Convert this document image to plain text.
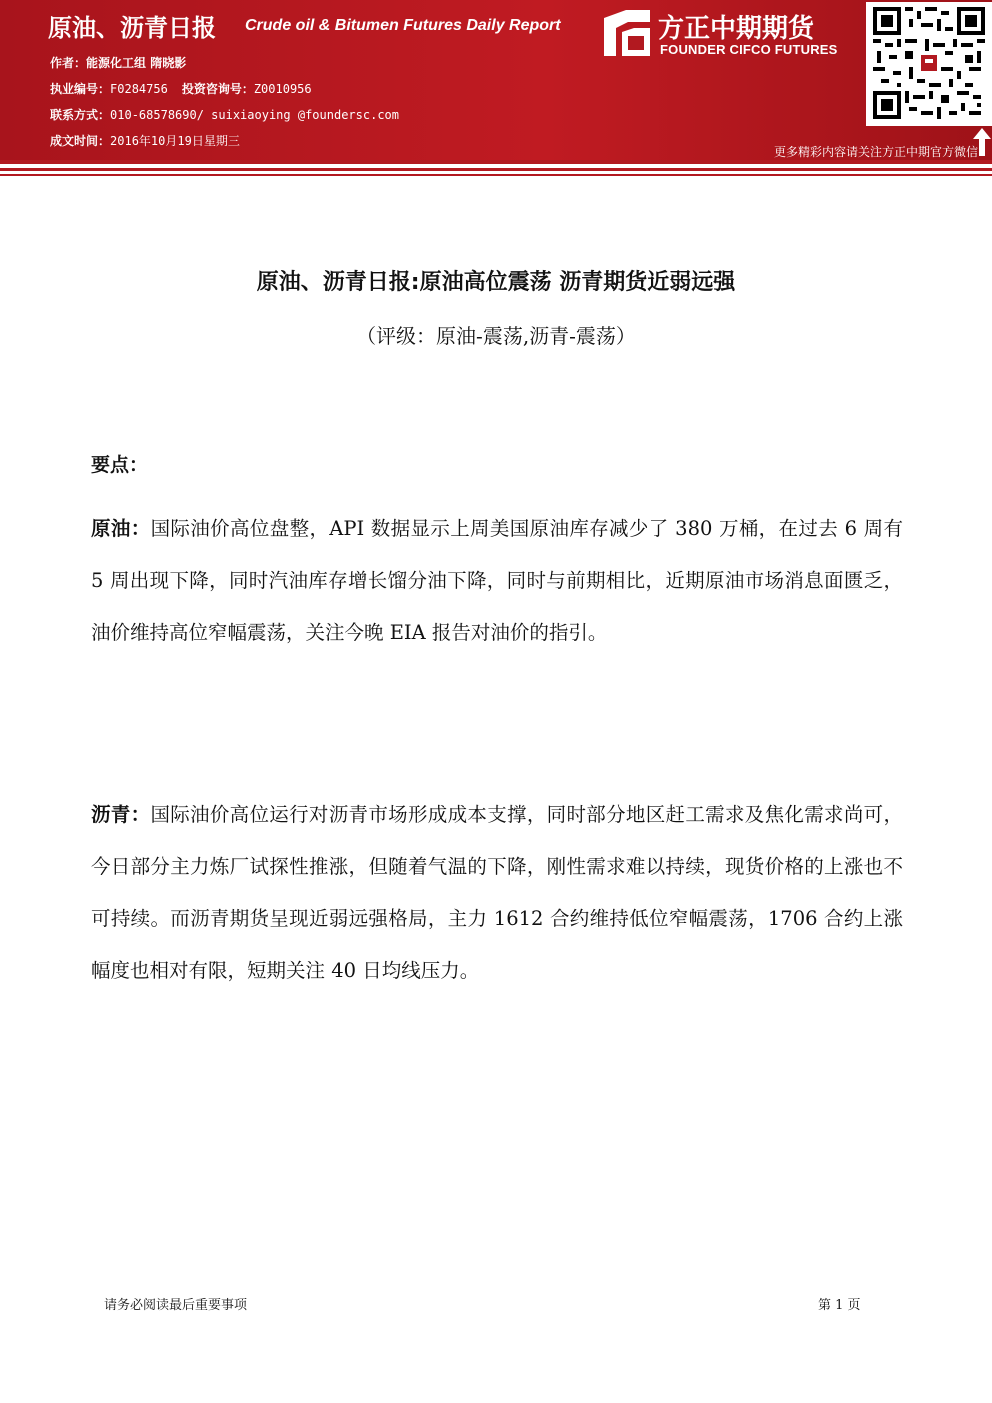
原油、沥青日报 Crude oil & Bitumen Futures Daily Report
作者：能源化工组 隋晓影
执业编号：F0284756 投资咨询号：Z0010956
联系方式：010-68578690/ suixiaoying @foundersc.com
成文时间：2016年10月19日星期三
方正中期期货
FOUNDER CIFCO FUTURES
更多精彩内容请关注方正中期官方微信
原油、沥青日报:原油高位震荡 沥青期货近弱远强
（评级：原油-震荡,沥青-震荡）
要点：

原油：国际油价高位盘整，API 数据显示上周美国原油库存减少了 380 万桶，在过去 6 周有 5 周出现下降，同时汽油库存增长馏分油下降，同时与前期相比，近期原油市场消息面匮乏，油价维持高位窄幅震荡，关注今晚 EIA 报告对油价的指引。

沥青：国际油价高位运行对沥青市场形成成本支撑，同时部分地区赶工需求及焦化需求尚可，今日部分主力炼厂试探性推涨，但随着气温的下降，刚性需求难以持续，现货价格的上涨也不可持续。而沥青期货呈现近弱远强格局，主力 1612 合约维持低位窄幅震荡，1706 合约上涨幅度也相对有限，短期关注 40 日均线压力。

请务必阅读最后重要事项	第 1 页
